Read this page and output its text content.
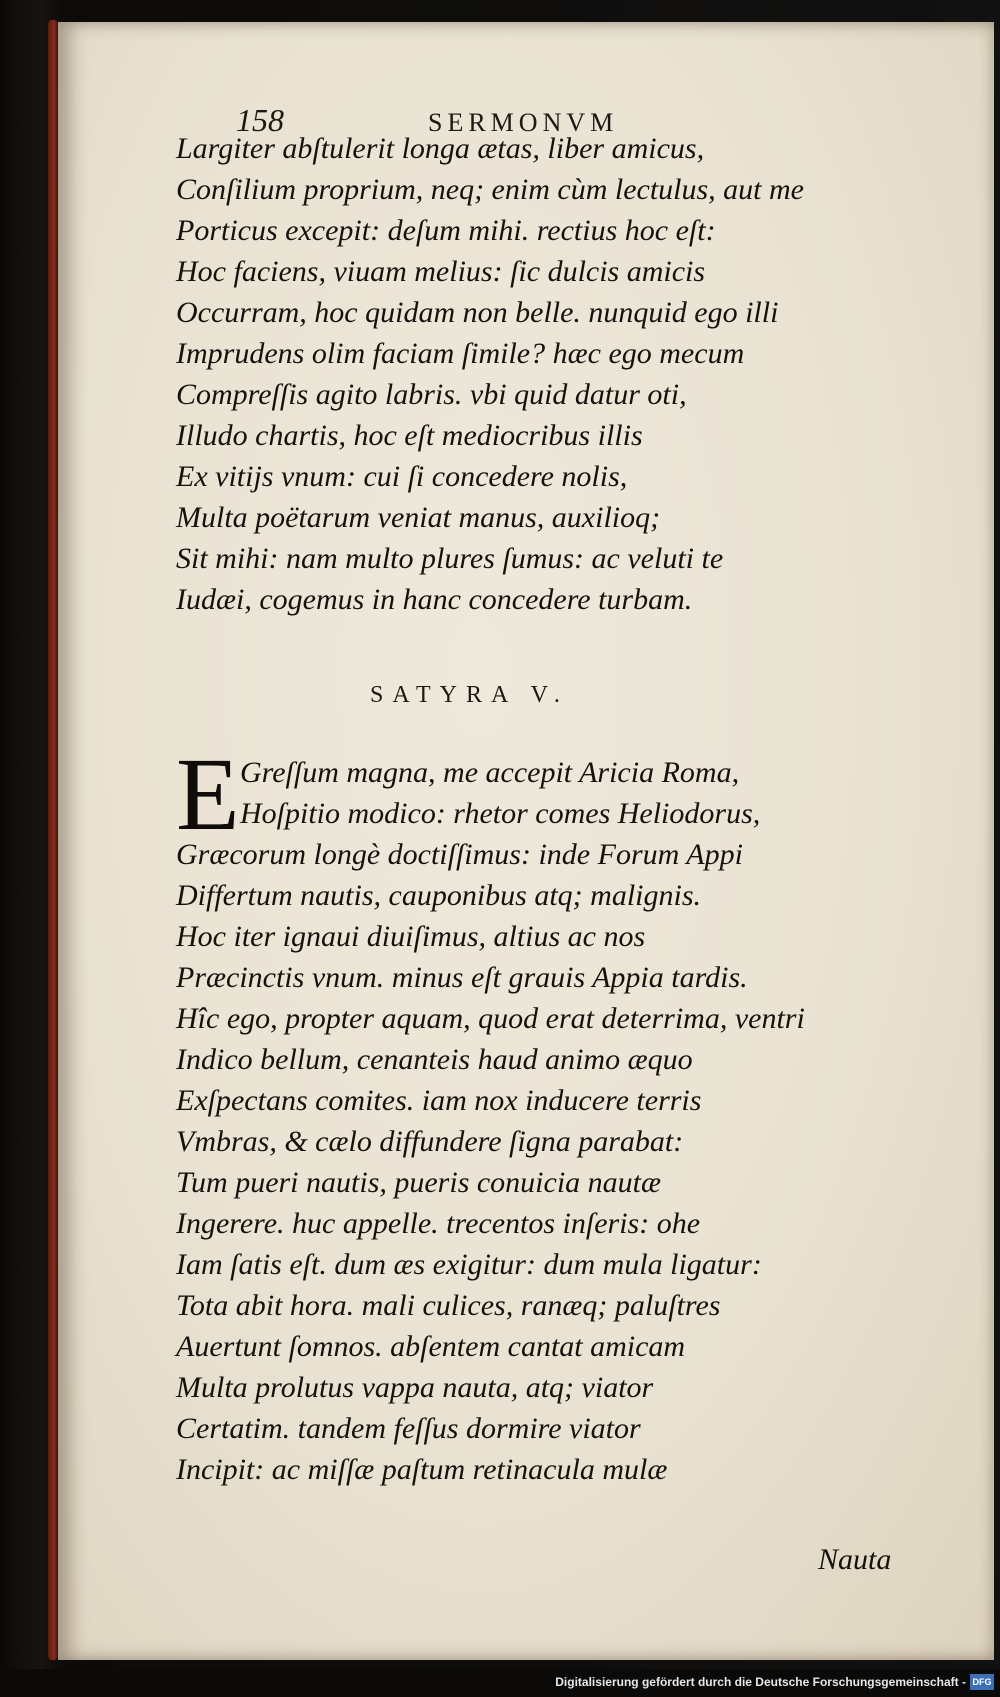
158	SERMONVM
Largiter abſtulerit longa ætas, liber amicus,
Conſilium proprium, neq; enim cùm lectulus, aut me
Porticus excepit: deſum mihi. rectius hoc eſt:
Hoc faciens, viuam melius: ſic dulcis amicis
Occurram, hoc quidam non belle. nunquid ego illi
Imprudens olim faciam ſimile? hæc ego mecum
Compreſſis agito labris. vbi quid datur oti,
Illudo chartis, hoc eſt mediocribus illis
Ex vitijs vnum: cui ſi concedere nolis,
Multa poëtarum veniat manus, auxilioq;
Sit mihi: nam multo plures ſumus: ac veluti te
Iudæi, cogemus in hanc concedere turbam.
SATYRA V.
E Greſſum magna, me accepit Aricia Roma,
Hoſpitio modico: rhetor comes Heliodorus,
Græcorum longè doctiſſimus: inde Forum Appi
Differtum nautis, cauponibus atq; malignis.
Hoc iter ignaui diuiſimus, altius ac nos
Præcinctis vnum. minus eſt grauis Appia tardis.
Hîc ego, propter aquam, quod erat deterrima, ventri
Indico bellum, cenanteis haud animo æquo
Exſpectans comites. iam nox inducere terris
Vmbras, & cælo diffundere ſigna parabat:
Tum pueri nautis, pueris conuicia nautæ
Ingerere. huc appelle. trecentos inſeris: ohe
Iam ſatis eſt. dum æs exigitur: dum mula ligatur:
Tota abit hora. mali culices, ranæq; paluſtres
Auertunt ſomnos. abſentem cantat amicam
Multa prolutus vappa nauta, atq; viator
Certatim. tandem feſſus dormire viator
Incipit: ac miſſæ paſtum retinacula mulæ
Nauta
Digitalisierung gefördert durch die Deutsche Forschungsgemeinschaft - DFG
